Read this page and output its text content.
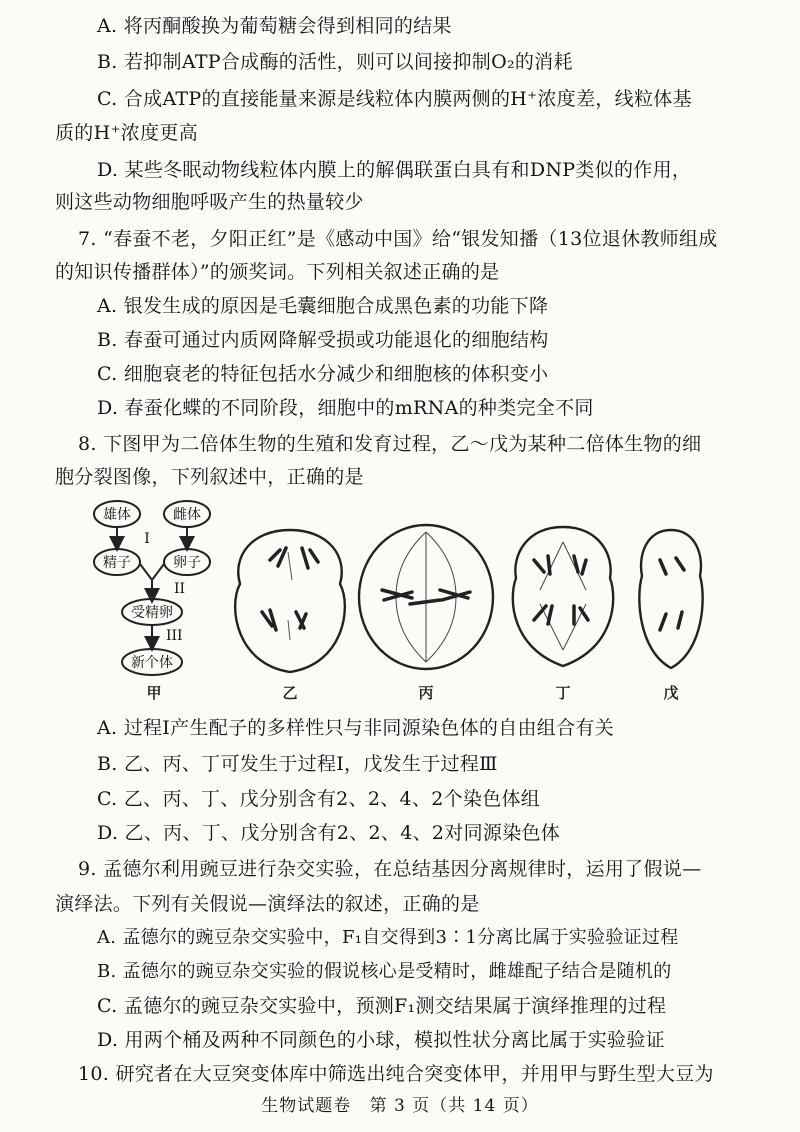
A. 将丙酮酸换为葡萄糖会得到相同的结果
B. 若抑制ATP合成酶的活性，则可以间接抑制O₂的消耗
C. 合成ATP的直接能量来源是线粒体内膜两侧的H⁺浓度差，线粒体基
质的H⁺浓度更高
D. 某些冬眠动物线粒体内膜上的解偶联蛋白具有和DNP类似的作用，
则这些动物细胞呼吸产生的热量较少
7. “春蚕不老，夕阳正红”是《感动中国》给“银发知播（13位退休教师组成
的知识传播群体）”的颁奖词。下列相关叙述正确的是
A. 银发生成的原因是毛囊细胞合成黑色素的功能下降
B. 春蚕可通过内质网降解受损或功能退化的细胞结构
C. 细胞衰老的特征包括水分减少和细胞核的体积变小
D. 春蚕化蝶的不同阶段，细胞中的mRNA的种类完全不同
8. 下图甲为二倍体生物的生殖和发育过程，乙～戊为某种二倍体生物的细
胞分裂图像，下列叙述中，正确的是
雄体	雌体
精子	卵子
受精卵
新个体
I
II
III
甲	乙	丙	丁	戊
A. 过程Ⅰ产生配子的多样性只与非同源染色体的自由组合有关
B. 乙、丙、丁可发生于过程Ⅰ，戊发生于过程Ⅲ
C. 乙、丙、丁、戊分别含有2、2、4、2个染色体组
D. 乙、丙、丁、戊分别含有2、2、4、2对同源染色体
9. 孟德尔利用豌豆进行杂交实验，在总结基因分离规律时，运用了假说—
演绎法。下列有关假说—演绎法的叙述，正确的是
A. 孟德尔的豌豆杂交实验中，F₁自交得到3∶1分离比属于实验验证过程
B. 孟德尔的豌豆杂交实验的假说核心是受精时，雌雄配子结合是随机的
C. 孟德尔的豌豆杂交实验中，预测F₁测交结果属于演绎推理的过程
D. 用两个桶及两种不同颜色的小球，模拟性状分离比属于实验验证
10. 研究者在大豆突变体库中筛选出纯合突变体甲，并用甲与野生型大豆为
生物试题卷 第 3 页（共 14 页）
